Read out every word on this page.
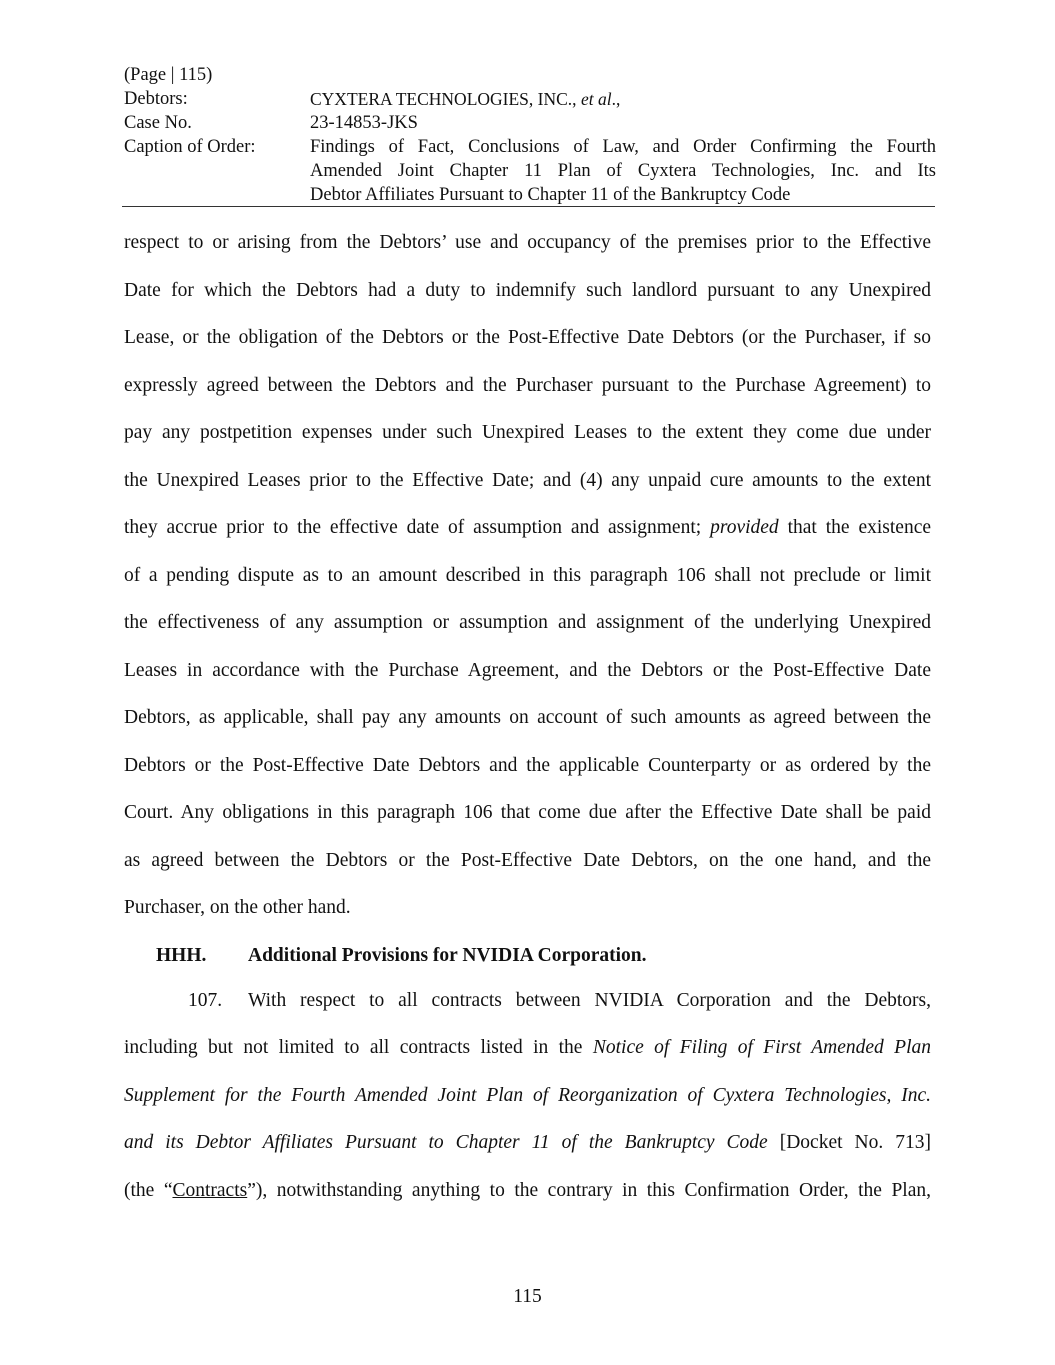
(Page | 115)
Debtors:	CYXTERA TECHNOLOGIES, INC., et al.,
Case No.	23-14853-JKS
Caption of Order:	Findings of Fact, Conclusions of Law, and Order Confirming the Fourth
Amended Joint Chapter 11 Plan of Cyxtera Technologies, Inc. and Its
Debtor Affiliates Pursuant to Chapter 11 of the Bankruptcy Code
respect to or arising from the Debtors’ use and occupancy of the premises prior to the Effective
Date for which the Debtors had a duty to indemnify such landlord pursuant to any Unexpired
Lease, or the obligation of the Debtors or the Post-Effective Date Debtors (or the Purchaser, if so
expressly agreed between the Debtors and the Purchaser pursuant to the Purchase Agreement) to
pay any postpetition expenses under such Unexpired Leases to the extent they come due under
the Unexpired Leases prior to the Effective Date; and (4) any unpaid cure amounts to the extent
they accrue prior to the effective date of assumption and assignment; provided that the existence
of a pending dispute as to an amount described in this paragraph 106 shall not preclude or limit
the effectiveness of any assumption or assumption and assignment of the underlying Unexpired
Leases in accordance with the Purchase Agreement, and the Debtors or the Post-Effective Date
Debtors, as applicable, shall pay any amounts on account of such amounts as agreed between the
Debtors or the Post-Effective Date Debtors and the applicable Counterparty or as ordered by the
Court. Any obligations in this paragraph 106 that come due after the Effective Date shall be paid
as agreed between the Debtors or the Post-Effective Date Debtors, on the one hand, and the
Purchaser, on the other hand.
HHH. Additional Provisions for NVIDIA Corporation.
107.	With respect to all contracts between NVIDIA Corporation and the Debtors,
including but not limited to all contracts listed in the Notice of Filing of First Amended Plan
Supplement for the Fourth Amended Joint Plan of Reorganization of Cyxtera Technologies, Inc.
and its Debtor Affiliates Pursuant to Chapter 11 of the Bankruptcy Code [Docket No. 713]
(the “Contracts”), notwithstanding anything to the contrary in this Confirmation Order, the Plan,
115
